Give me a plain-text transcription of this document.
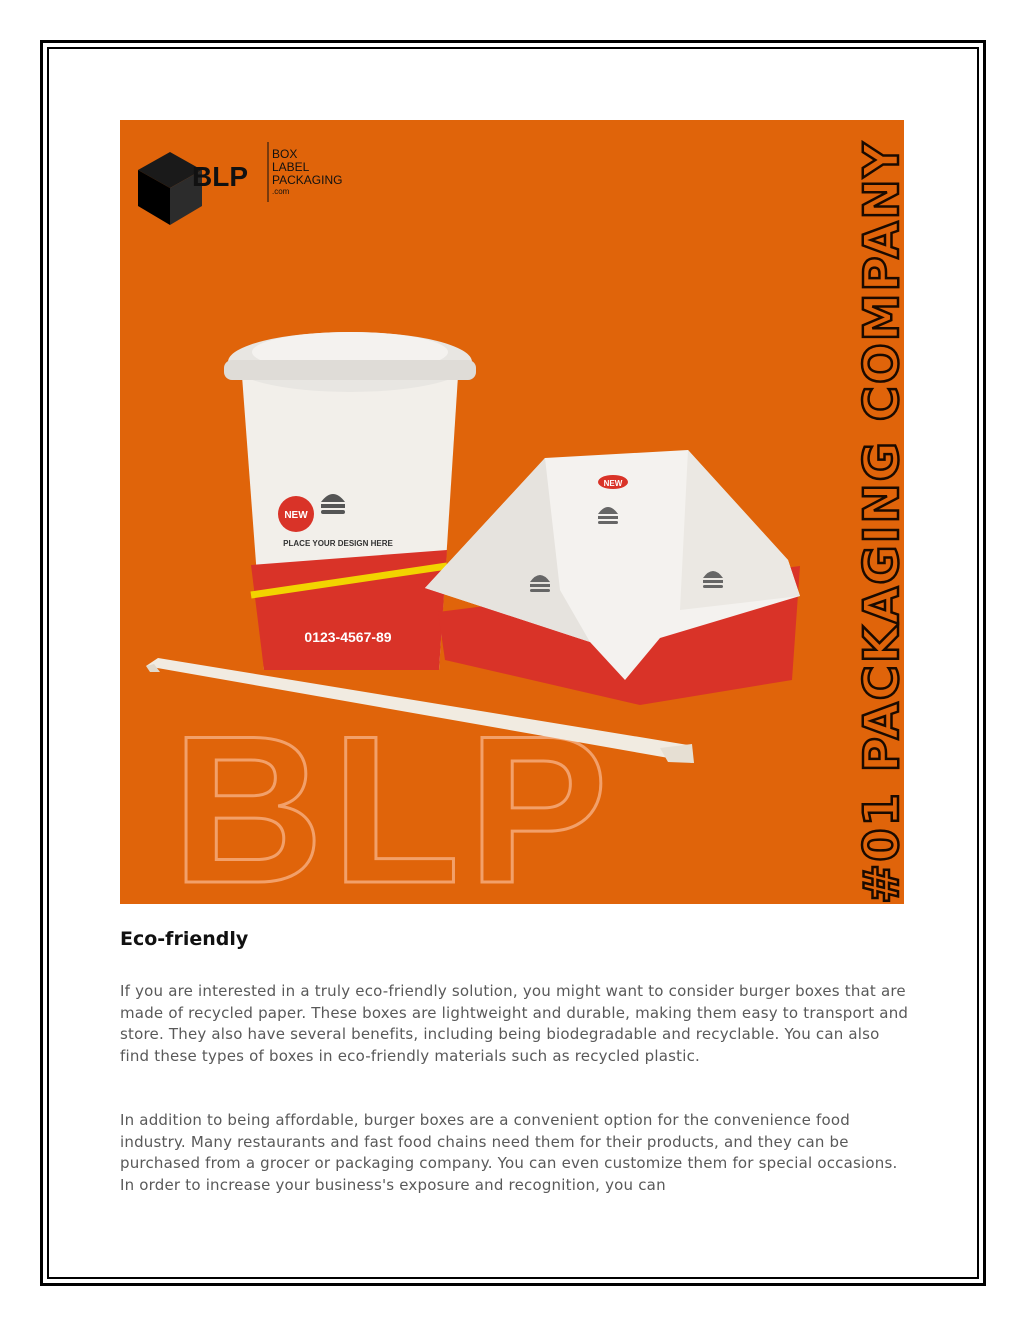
BLP	#01 PACKAGING COMPANY
BLP
BOX
LABEL
PACKAGING
.com
NEW
PLACE YOUR DESIGN HERE
0123-4567-89
NEW
Eco-friendly

If you are interested in a truly eco-friendly solution, you might want to consider burger boxes that are made of recycled paper. These boxes are lightweight and durable, making them easy to transport and store. They also have several benefits, including being biodegradable and recyclable. You can also find these types of boxes in eco-friendly materials such as recycled plastic.

In addition to being affordable, burger boxes are a convenient option for the convenience food industry. Many restaurants and fast food chains need them for their products, and they can be purchased from a grocer or packaging company. You can even customize them for special occasions. In order to increase your business's exposure and recognition, you can
